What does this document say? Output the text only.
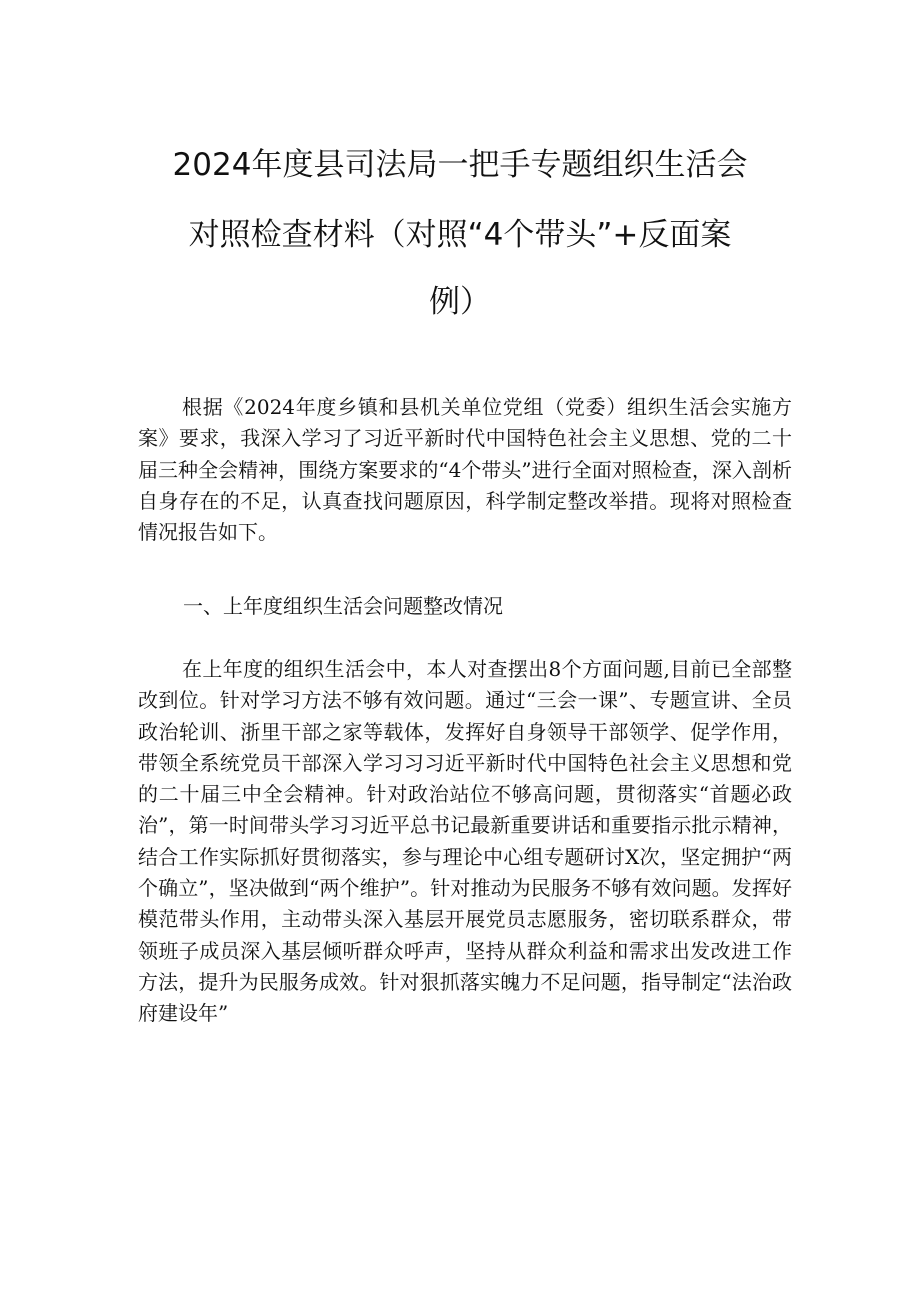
2024年度县司法局一把手专题组织生活会
对照检查材料（对照“4个带头”+反面案
例）

根据《2024年度乡镇和县机关单位党组（党委）组织生活会实施方案》要求，我深入学习了习近平新时代中国特色社会主义思想、党的二十届三种全会精神，围绕方案要求的“4个带头”进行全面对照检查，深入剖析自身存在的不足，认真查找问题原因，科学制定整改举措。现将对照检查情况报告如下。

一、上年度组织生活会问题整改情况

在上年度的组织生活会中，本人对查摆出8个方面问题,目前已全部整改到位。针对学习方法不够有效问题。通过“三会一课”、专题宣讲、全员政治轮训、浙里干部之家等载体，发挥好自身领导干部领学、促学作用，带领全系统党员干部深入学习习习近平新时代中国特色社会主义思想和党的二十届三中全会精神。针对政治站位不够高问题，贯彻落实“首题必政治”，第一时间带头学习习近平总书记最新重要讲话和重要指示批示精神，结合工作实际抓好贯彻落实，参与理论中心组专题研讨X次，坚定拥护“两个确立”，坚决做到“两个维护”。针对推动为民服务不够有效问题。发挥好模范带头作用，主动带头深入基层开展党员志愿服务，密切联系群众，带领班子成员深入基层倾听群众呼声，坚持从群众利益和需求出发改进工作方法，提升为民服务成效。针对狠抓落实魄力不足问题，指导制定“法治政府建设年”
